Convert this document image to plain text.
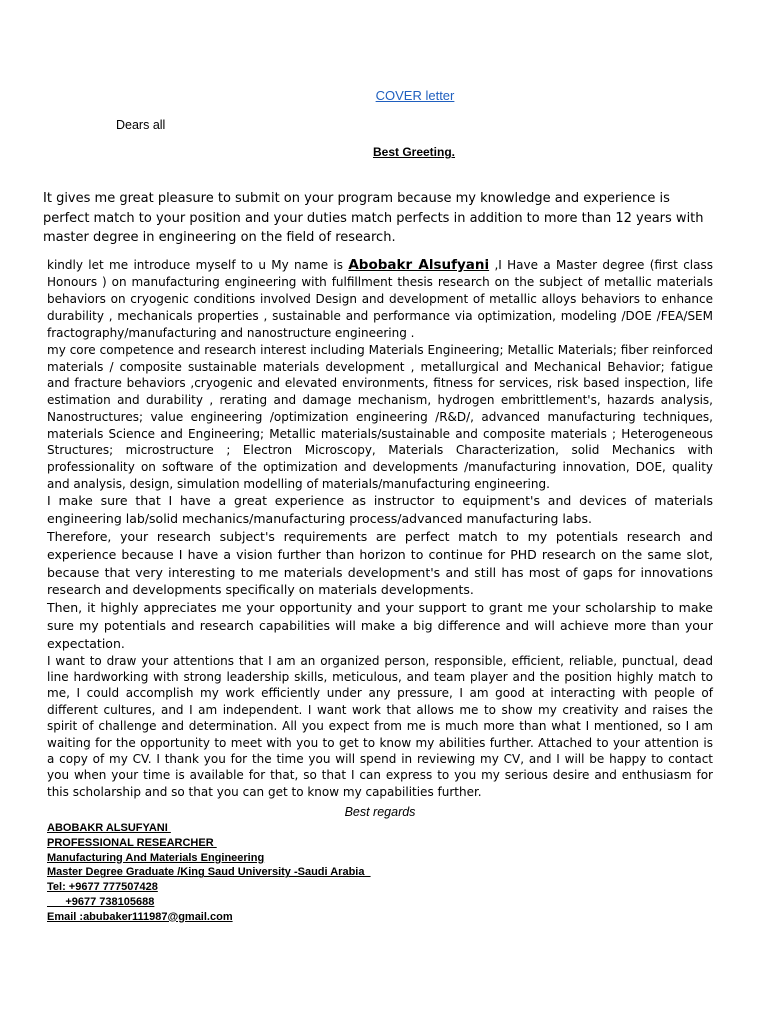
COVER letter
Dears all
Best Greeting.
It gives me great pleasure to submit on your program because my knowledge and experience is perfect match to your position and your duties match perfects in addition to more than 12 years with master degree in engineering on the field of research.

kindly let me introduce myself to u My name is Abobakr Alsufyani ,I Have a Master degree (first class Honours ) on manufacturing engineering with fulfillment thesis research on the subject of metallic materials behaviors on cryogenic conditions involved Design and development of metallic alloys behaviors to enhance durability , mechanicals properties , sustainable and performance via optimization, modeling /DOE /FEA/SEM fractography/manufacturing and nanostructure engineering .

my core competence and research interest including Materials Engineering; Metallic Materials; fiber reinforced materials / composite sustainable materials development , metallurgical and Mechanical Behavior; fatigue and fracture behaviors ,cryogenic and elevated environments, fitness for services, risk based inspection, life estimation and durability , rerating and damage mechanism, hydrogen embrittlement's, hazards analysis, Nanostructures; value engineering /optimization engineering /R&D/, advanced manufacturing techniques, materials Science and Engineering; Metallic materials/sustainable and composite materials ; Heterogeneous Structures; microstructure ; Electron Microscopy, Materials Characterization, solid Mechanics with professionality on software of the optimization and developments /manufacturing innovation, DOE, quality and analysis, design, simulation modelling of materials/manufacturing engineering.

I make sure that I have a great experience as instructor to equipment's and devices of materials engineering lab/solid mechanics/manufacturing process/advanced manufacturing labs.

Therefore, your research subject's requirements are perfect match to my potentials research and experience because I have a vision further than horizon to continue for PHD research on the same slot, because that very interesting to me materials development's and still has most of gaps for innovations research and developments specifically on materials developments.

Then, it highly appreciates me your opportunity and your support to grant me your scholarship to make sure my potentials and research capabilities will make a big difference and will achieve more than your expectation.

I want to draw your attentions that I am an organized person, responsible, efficient, reliable, punctual, dead line hardworking with strong leadership skills, meticulous, and team player and the position highly match to me, I could accomplish my work efficiently under any pressure, I am good at interacting with people of different cultures, and I am independent. I want work that allows me to show my creativity and raises the spirit of challenge and determination. All you expect from me is much more than what I mentioned, so I am waiting for the opportunity to meet with you to get to know my abilities further. Attached to your attention is a copy of my CV. I thank you for the time you will spend in reviewing my CV, and I will be happy to contact you when your time is available for that, so that I can express to you my serious desire and enthusiasm for this scholarship and so that you can get to know my capabilities further.

Best regards
ABOBAKR ALSUFYANI
PROFESSIONAL RESEARCHER
Manufacturing And Materials Engineering
Master Degree Graduate /King Saud University -Saudi Arabia
Tel: +9677 777507428
+9677 738105688
Email :abubaker111987@gmail.com
